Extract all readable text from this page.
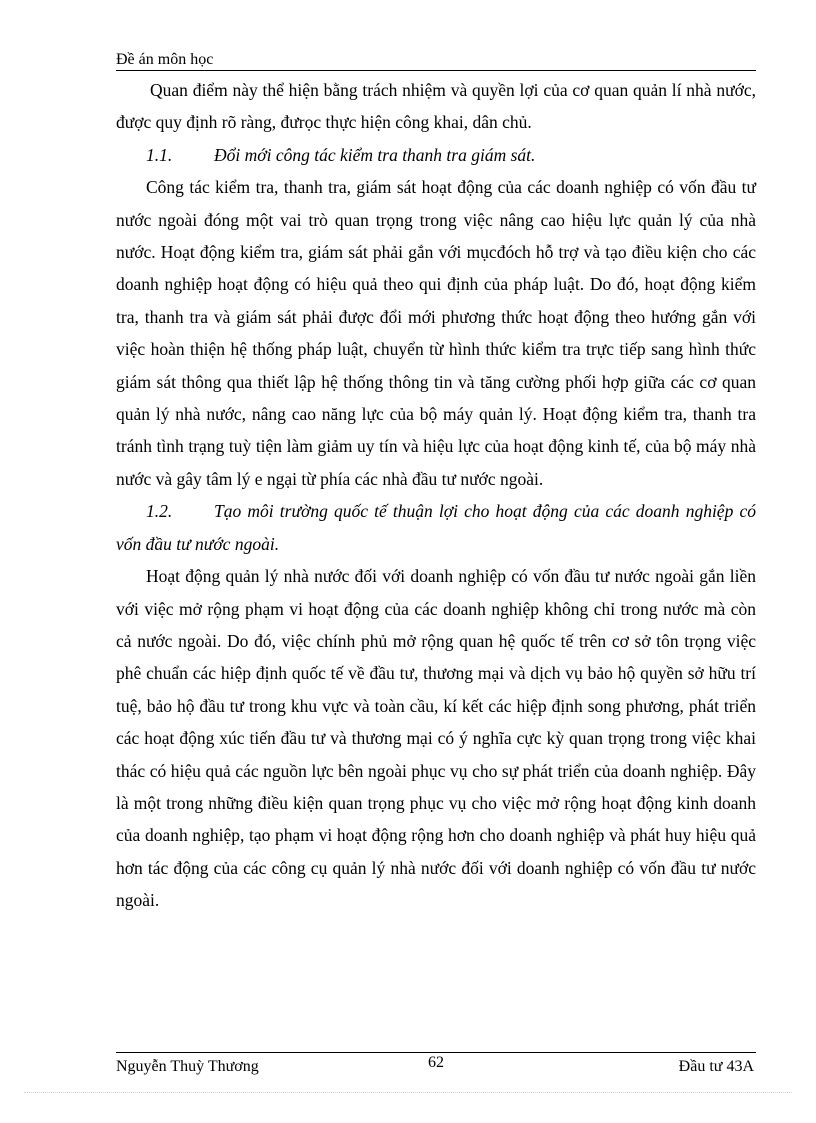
Đề án môn học

Quan điểm này thể hiện bằng trách nhiệm và quyền lợi của cơ quan quản lí nhà nước, được quy định rõ ràng, đưrọc thực hiện công khai, dân chủ.

1.1. Đổi mới công tác kiểm tra thanh tra giám sát.

Công tác kiểm tra, thanh tra, giám sát hoạt động của các doanh nghiệp có vốn đầu tư nước ngoài đóng một vai trò quan trọng trong việc nâng cao hiệu lực quản lý của nhà nước. Hoạt động kiểm tra, giám sát phải gắn với mụcđóch hỗ trợ và tạo điều kiện cho các doanh nghiệp hoạt động có hiệu quả theo qui định của pháp luật. Do đó, hoạt động kiểm tra, thanh tra và giám sát phải được đổi mới phương thức hoạt động theo hướng gắn với việc hoàn thiện hệ thống pháp luật, chuyển từ hình thức kiểm tra trực tiếp sang hình thức giám sát thông qua thiết lập hệ thống thông tin và tăng cường phối hợp giữa các cơ quan quản lý nhà nước, nâng cao năng lực của bộ máy quản lý. Hoạt động kiểm tra, thanh tra tránh tình trạng tuỳ tiện làm giảm uy tín và hiệu lực của hoạt động kinh tế, của bộ máy nhà nước và gây tâm lý e ngại từ phía các nhà đầu tư nước ngoài.

1.2. Tạo môi trường quốc tế thuận lợi cho hoạt động của các doanh nghiệp có vốn đầu tư nước ngoài.

Hoạt động quản lý nhà nước đối với doanh nghiệp có vốn đầu tư nước ngoài gắn liền với việc mở rộng phạm vi hoạt động của các doanh nghiệp không chỉ trong nước mà còn cả nước ngoài. Do đó, việc chính phủ mở rộng quan hệ quốc tế trên cơ sở tôn trọng việc phê chuẩn các hiệp định quốc tế về đầu tư, thương mại và dịch vụ bảo hộ quyền sở hữu trí tuệ, bảo hộ đầu tư trong khu vực và toàn cầu, kí kết các hiệp định song phương, phát triển các hoạt động xúc tiến đầu tư và thương mại có ý nghĩa cực kỳ quan trọng trong việc khai thác có hiệu quả các nguồn lực bên ngoài phục vụ cho sự phát triển của doanh nghiệp. Đây là một trong những điều kiện quan trọng phục vụ cho việc mở rộng hoạt động kinh doanh của doanh nghiệp, tạo phạm vi hoạt động rộng hơn cho doanh nghiệp và phát huy hiệu quả hơn tác động của các công cụ quản lý nhà nước đối với doanh nghiệp có vốn đầu tư nước ngoài.

Nguyễn Thuỳ Thương	62	Đầu tư 43A
